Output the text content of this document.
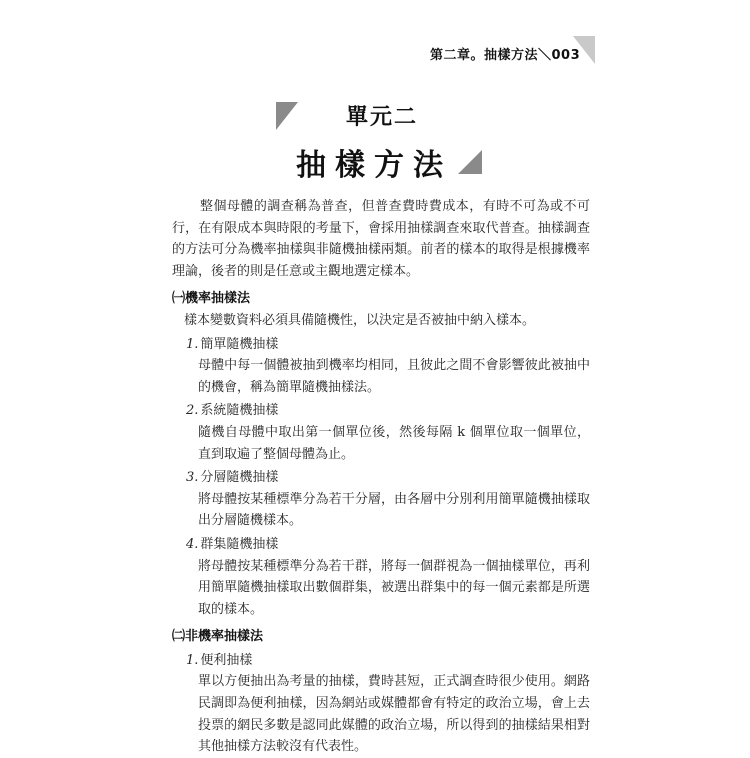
第二章。抽樣方法＼003
單元二
抽樣方法

整個母體的調查稱為普查，但普查費時費成本，有時不可為或不可行，在有限成本與時限的考量下，會採用抽樣調查來取代普查。抽樣調查的方法可分為機率抽樣與非隨機抽樣兩類。前者的樣本的取得是根據機率理論，後者的則是任意或主觀地選定樣本。

㈠機率抽樣法

樣本變數資料必須具備隨機性，以決定是否被抽中納入樣本。

1. 簡單隨機抽樣

母體中每一個體被抽到機率均相同，且彼此之間不會影響彼此被抽中的機會，稱為簡單隨機抽樣法。

2. 系統隨機抽樣

隨機自母體中取出第一個單位後，然後每隔 k 個單位取一個單位，直到取遍了整個母體為止。

3. 分層隨機抽樣

將母體按某種標準分為若干分層，由各層中分別利用簡單隨機抽樣取出分層隨機樣本。

4. 群集隨機抽樣

將母體按某種標準分為若干群，將每一個群視為一個抽樣單位，再利用簡單隨機抽樣取出數個群集，被選出群集中的每一個元素都是所選取的樣本。

㈡非機率抽樣法

1. 便利抽樣

單以方便抽出為考量的抽樣，費時甚短，正式調查時很少使用。網路民調即為便利抽樣，因為網站或媒體都會有特定的政治立場，會上去投票的網民多數是認同此媒體的政治立場，所以得到的抽樣結果相對其他抽樣方法較沒有代表性。
